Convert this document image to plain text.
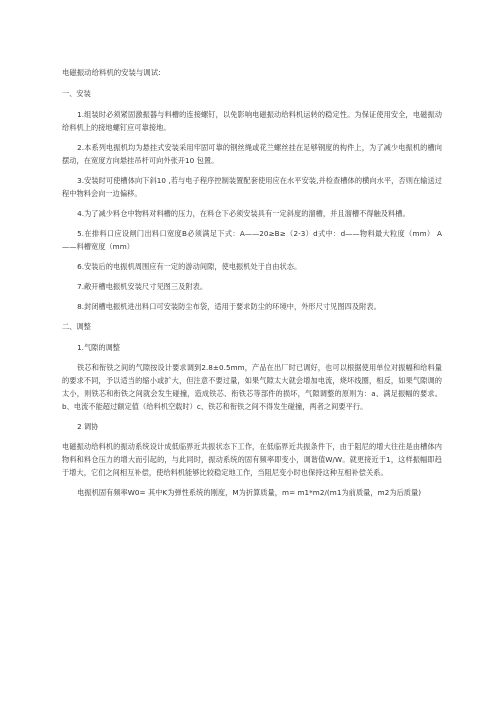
电磁振动给料机的安装与调试:

一、安装

1.组装时必须紧固激振器与料槽的连接螺钉，以免影响电磁振动给料机运转的稳定性。为保证使用安全，电磁振动给料机上的接地螺钉应可靠接地。

2.本系列电振机均为悬挂式安装采用牢固可靠的钢丝绳或花兰螺丝挂在足够钢度的构件上，为了减少电振机的槽向摆动，在宽度方向悬挂吊杆可向外张开10 包置。

3.安装时可使槽体向下斜10 ,若与电子程序控制装置配套使用应在水平安装,并检查槽体的横向水平，否则在输送过程中物料会向一边偏移。

4.为了减少料仓中物料对料槽的压力，在料仓下必须安装具有一定斜度的溜槽，并且溜槽不得触及料槽。

5.在排料口应设闸门出料口宽度B必须满足下式：A——20≥B≥（2-3）d式中：d——物料最大粒度（mm） A——料槽宽度（mm）

6.安装后的电振机周围应有一定的游动间隙，使电振机处于自由状态。

7.敞开槽电振机安装尺寸见图三及附表。

8.封闭槽电振机进出料口可安装防尘布袋，适用于要求防尘的环境中，外形尺寸见图四及附表。

二、调整

1.气隙的调整

铁芯和衔铁之间的气隙按设计要求调到2.8±0.5mm，产品在出厂时已调好，也可以根据使用单位对振幅和给料量的要求不同，予以适当的缩小或扩大，但注意不要过量，如果气隙太大就会增加电流，烧坏线圈，相反，如果气隙调的太小，则铁芯和衔铁之间就会发生碰撞，造成铁芯、衔铁芯等部件的损坏，气隙调整的原则为：a、满足振幅的要求。b、电流不能超过额定值（给料机空载时）c、铁芯和衔铁之间不得发生碰撞，两者之间要平行。

2 调协

电磁振动给料机的振动系统设计成低临界近共振状态下工作，在低临界近共振条件下，由于阻尼的增大往往是由槽体内物料和料仓压力的增大而引起的，与此同时，振动系统的固有频率即变小，调谐值W/W。就更接近于1，这样振幅即趋于增大，它们之间相互补偿，使给料机能够比较稳定地工作，当阻尼变小时也保持这种互相补偿关系。

电振机固有频率W0= 其中K为弹性系统的刚度，M为折算质量，m= m1*m2/(m1为前质量，m2为后质量)
